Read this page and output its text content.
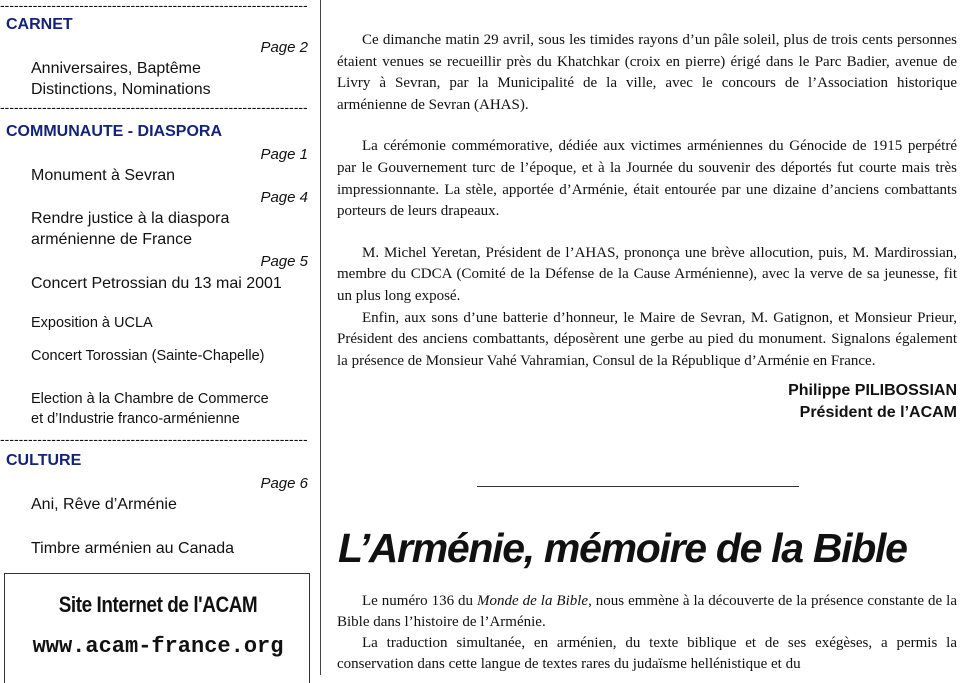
-----
CARNET
Page 2
Anniversaires, Baptême
Distinctions, Nominations
-----
COMMUNAUTE - DIASPORA
Page 1
Monument à Sevran
Page 4
Rendre justice à la diaspora
arménienne de France
Page 5
Concert Petrossian du 13 mai 2001
Exposition à UCLA
Concert Torossian (Sainte-Chapelle)
Election à la Chambre de Commerce
et d’Industrie franco-arménienne
-----
CULTURE
Page 6
Ani, Rêve d’Arménie
Timbre arménien au Canada
Site Internet de l'ACAM
www.acam-france.org

Ce dimanche matin 29 avril, sous les timides rayons d’un pâle soleil, plus de trois cents personnes étaient venues se recueillir près du Khatchkar (croix en pierre) érigé dans le Parc Badier, avenue de Livry à Sevran, par la Municipalité de la ville, avec le concours de l’Association historique arménienne de Sevran (AHAS).

La cérémonie commémorative, dédiée aux victimes arméniennes du Génocide de 1915 perpétré par le Gouvernement turc de l’époque, et à la Journée du souvenir des déportés fut courte mais très impressionnante. La stèle, apportée d’Arménie, était entourée par une dizaine d’anciens combattants porteurs de leurs drapeaux.

M. Michel Yeretan, Président de l’AHAS, prononça une brève allocution, puis, M. Mardirossian, membre du CDCA (Comité de la Défense de la Cause Arménienne), avec la verve de sa jeunesse, fit un plus long exposé.

Enfin, aux sons d’une batterie d’honneur, le Maire de Sevran, M. Gatignon, et Monsieur Prieur, Président des anciens combattants, déposèrent une gerbe au pied du monument. Signalons également la présence de Monsieur Vahé Vahramian, Consul de la République d’Arménie en France.

Philippe PILIBOSSIAN
Président de l’ACAM
L’Arménie, mémoire de la Bible

Le numéro 136 du Monde de la Bible, nous emmène à la découverte de la présence constante de la Bible dans l’histoire de l’Arménie.

La traduction simultanée, en arménien, du texte biblique et de ses exégèses, a permis la conservation dans cette langue de textes rares du judaïsme hellénistique et du
